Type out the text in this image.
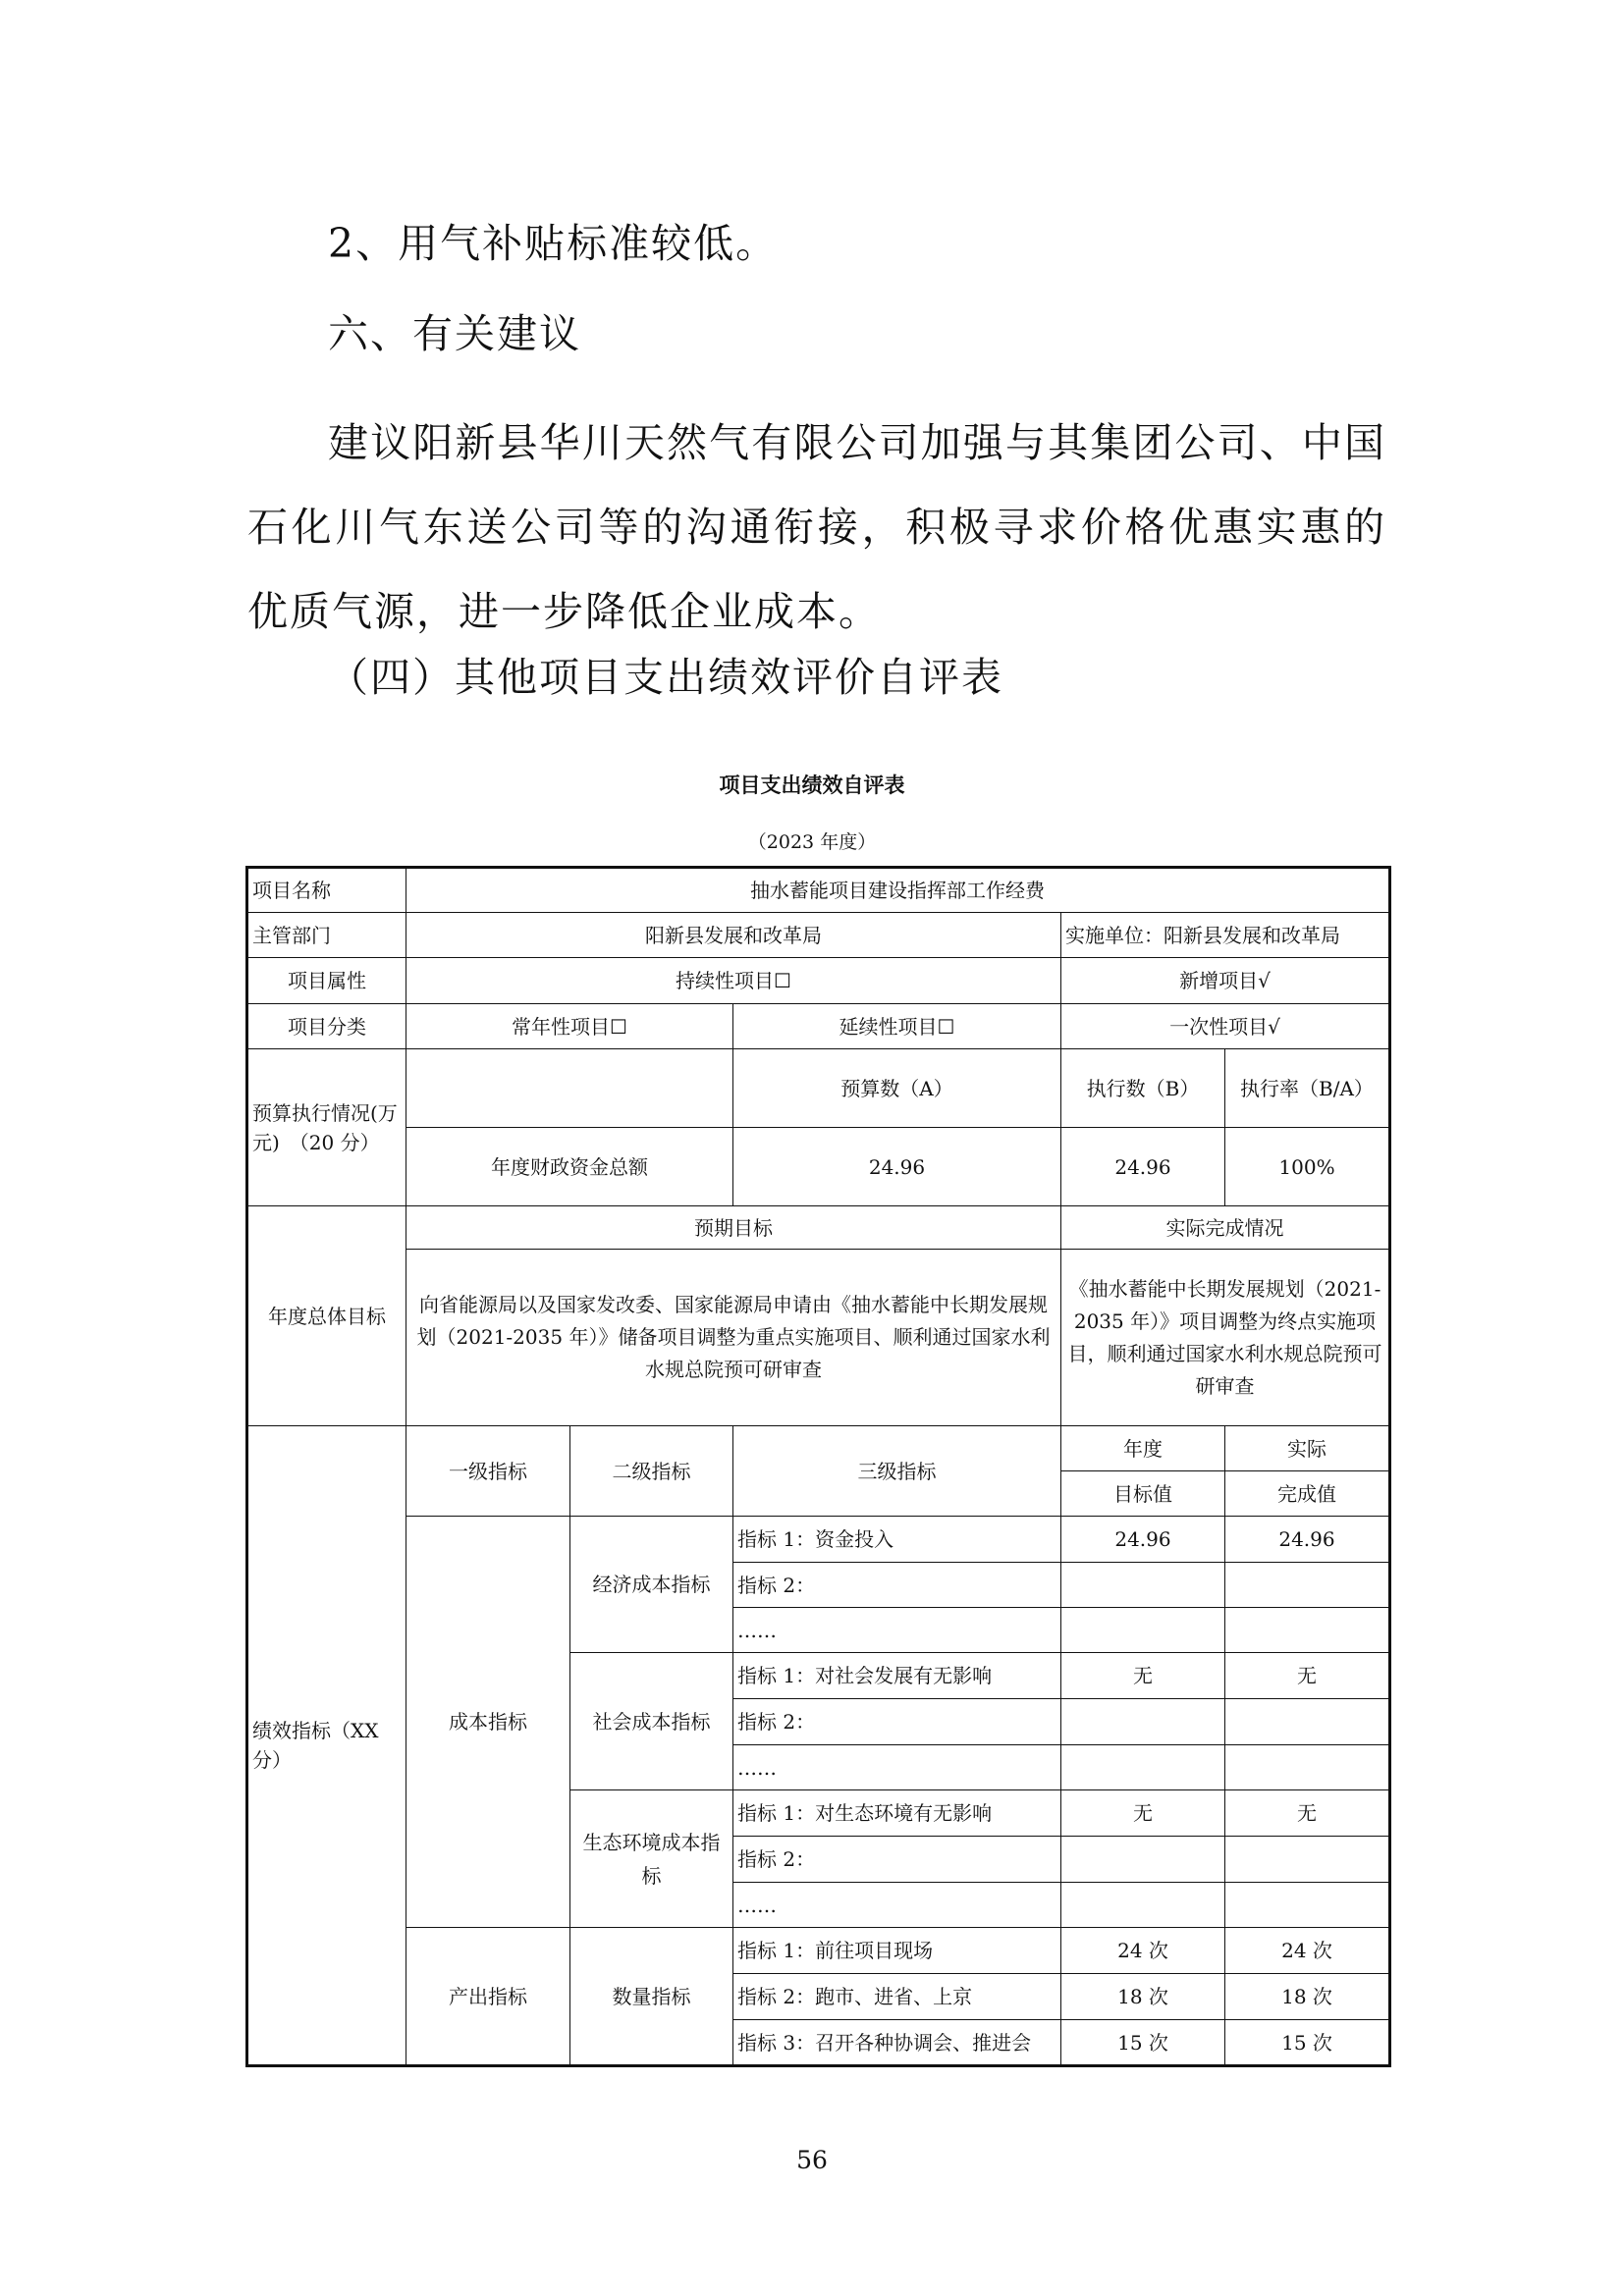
2、用气补贴标准较低。

六、有关建议

建议阳新县华川天然气有限公司加强与其集团公司、中国石化川气东送公司等的沟通衔接，积极寻求价格优惠实惠的优质气源，进一步降低企业成本。

（四）其他项目支出绩效评价自评表

项目支出绩效自评表
（2023 年度）
项目名称	抽水蓄能项目建设指挥部工作经费				
主管部门	阳新县发展和改革局			实施单位：阳新县发展和改革局	
项目属性	持续性项目☐			新增项目√	
项目分类	常年性项目☐		延续性项目☐	一次性项目√	
预算执行情况(万元)　（20 分）			预算数（A）	执行数（B）	执行率（B/A）
	年度财政资金总额		24.96	24.96	100%
年度总体目标	预期目标			实际完成情况	
	向省能源局以及国家发改委、国家能源局申请由《抽水蓄能中长期发展规划（2021-2035 年）》储备项目调整为重点实施项目、顺利通过国家水利水规总院预可研审查			《抽水蓄能中长期发展规划（2021-2035 年）》项目调整为终点实施项目，顺利通过国家水利水规总院预可研审查	
绩效指标（XX 分）	一级指标	二级指标	三级指标	年度	实际
				目标值	完成值
	成本指标	经济成本指标	指标 1：资金投入	24.96	24.96
			指标 2：		
			……		
		社会成本指标	指标 1：对社会发展有无影响	无	无
			指标 2：		
			……		
		生态环境成本指标	指标 1：对生态环境有无影响	无	无
			指标 2：		
			……		
	产出指标	数量指标	指标 1：前往项目现场	24 次	24 次
			指标 2：跑市、进省、上京	18 次	18 次
			指标 3：召开各种协调会、推进会	15 次	15 次
56
